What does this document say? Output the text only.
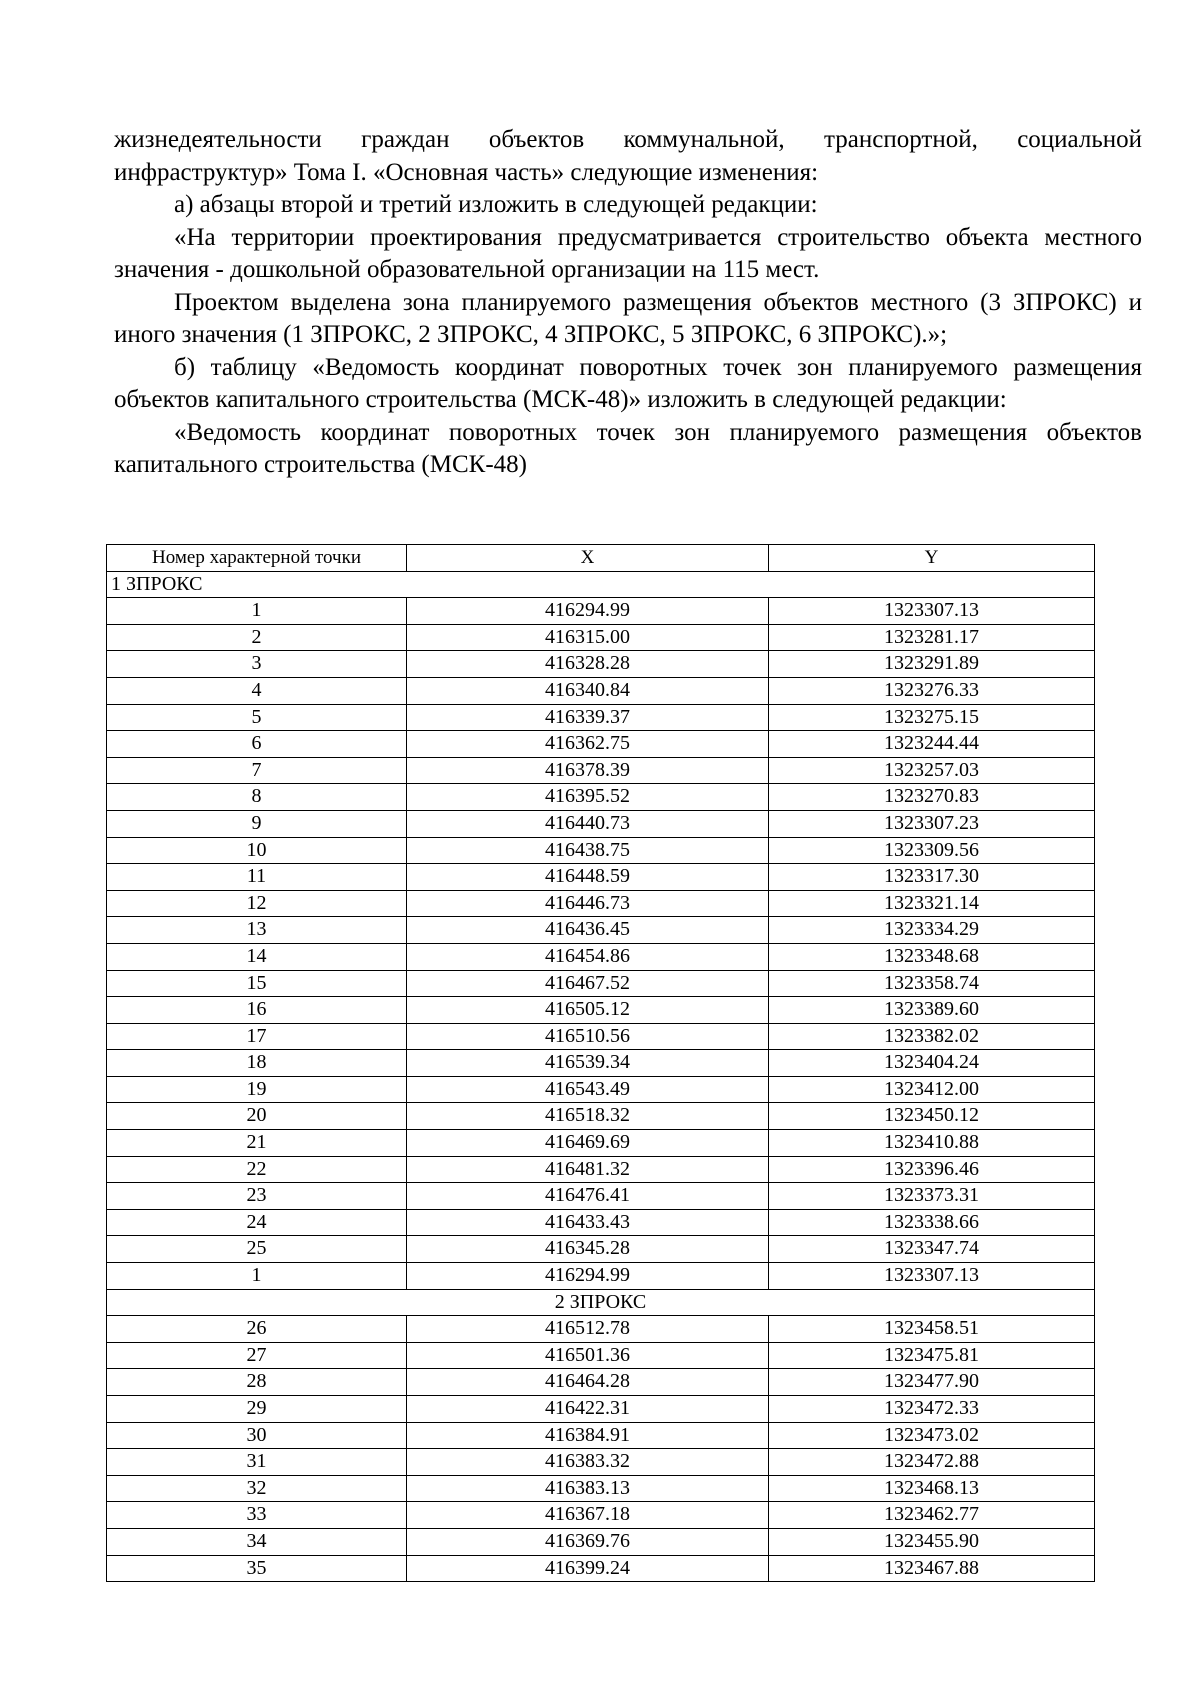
жизнедеятельности граждан объектов коммунальной, транспортной, социальной

инфраструктур» Тома I. «Основная часть» следующие изменения:

а) абзацы второй и третий изложить в следующей редакции:

«На территории проектирования предусматривается строительство объекта местного значения - дошкольной образовательной организации на 115 мест.

Проектом выделена зона планируемого размещения объектов местного (3 ЗПРОКС) и иного значения (1 ЗПРОКС, 2 ЗПРОКС, 4 ЗПРОКС, 5 ЗПРОКС, 6 ЗПРОКС).»;

б) таблицу «Ведомость координат поворотных точек зон планируемого размещения объектов капитального строительства (МСК-48)» изложить в следующей редакции:

«Ведомость координат поворотных точек зон планируемого размещения объектов капитального строительства (МСК-48)

Номер характерной точки	X	Y
1 ЗПРОКС		
1	416294.99	1323307.13
2	416315.00	1323281.17
3	416328.28	1323291.89
4	416340.84	1323276.33
5	416339.37	1323275.15
6	416362.75	1323244.44
7	416378.39	1323257.03
8	416395.52	1323270.83
9	416440.73	1323307.23
10	416438.75	1323309.56
11	416448.59	1323317.30
12	416446.73	1323321.14
13	416436.45	1323334.29
14	416454.86	1323348.68
15	416467.52	1323358.74
16	416505.12	1323389.60
17	416510.56	1323382.02
18	416539.34	1323404.24
19	416543.49	1323412.00
20	416518.32	1323450.12
21	416469.69	1323410.88
22	416481.32	1323396.46
23	416476.41	1323373.31
24	416433.43	1323338.66
25	416345.28	1323347.74
1	416294.99	1323307.13
2 ЗПРОКС		
26	416512.78	1323458.51
27	416501.36	1323475.81
28	416464.28	1323477.90
29	416422.31	1323472.33
30	416384.91	1323473.02
31	416383.32	1323472.88
32	416383.13	1323468.13
33	416367.18	1323462.77
34	416369.76	1323455.90
35	416399.24	1323467.88
